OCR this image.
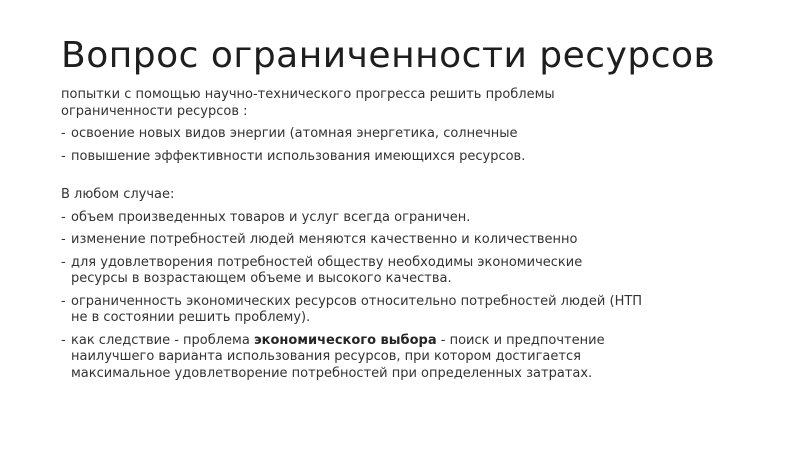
Вопрос ограниченности ресурсов
попытки с помощью научно-технического прогресса решить проблемы
ограниченности ресурсов :
- освоение новых видов энергии (атомная энергетика, солнечные
- повышение эффективности использования имеющихся ресурсов.
В любом случае:
- объем произведенных товаров и услуг всегда ограничен.
- изменение потребностей людей меняются качественно и количественно
- для удовлетворения потребностей обществу необходимы экономические
ресурсы в возрастающем объеме и высокого качества.
- ограниченность экономических ресурсов относительно потребностей людей (НТП
не в состоянии решить проблему).
- как следствие - проблема экономического выбора - поиск и предпочтение
наилучшего варианта использования ресурсов, при котором достигается
максимальное удовлетворение потребностей при определенных затратах.
